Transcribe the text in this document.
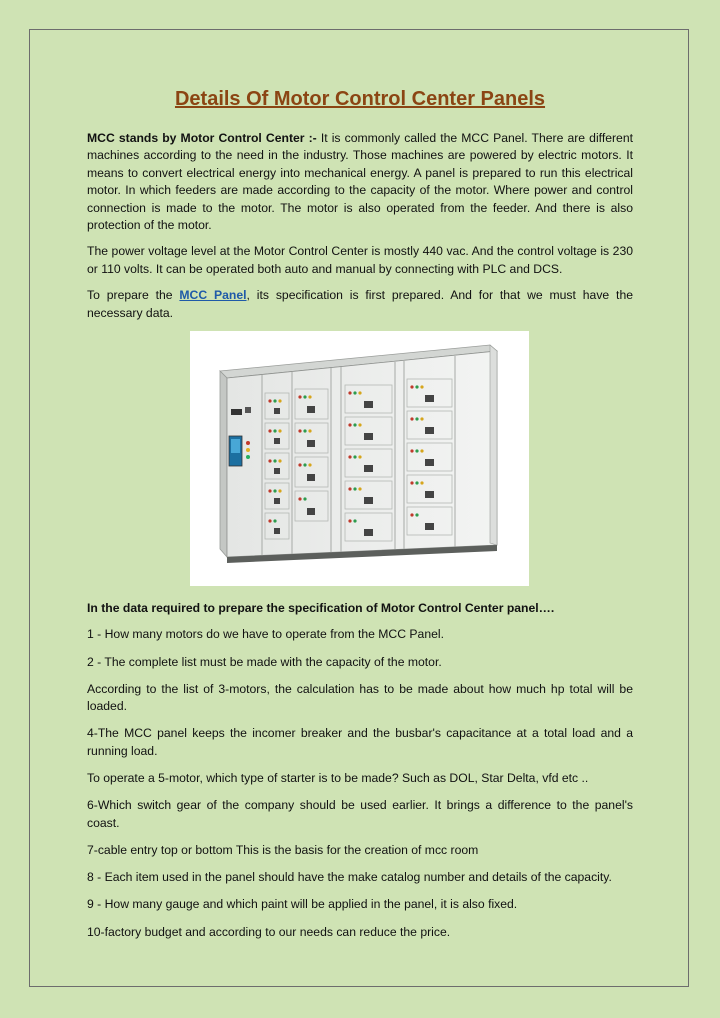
Details Of Motor Control Center Panels

MCC stands by Motor Control Center :- It is commonly called the MCC Panel. There are different machines according to the need in the industry. Those machines are powered by electric motors. It means to convert electrical energy into mechanical energy. A panel is prepared to run this electrical motor. In which feeders are made according to the capacity of the motor. Where power and control connection is made to the motor. The motor is also operated from the feeder. And there is also protection of the motor.

The power voltage level at the Motor Control Center is mostly 440 vac. And the control voltage is 230 or 110 volts. It can be operated both auto and manual by connecting with PLC and DCS.

To prepare the MCC Panel, its specification is first prepared. And for that we must have the necessary data.

In the data required to prepare the specification of Motor Control Center panel….

1 - How many motors do we have to operate from the MCC Panel.

2 - The complete list must be made with the capacity of the motor.

According to the list of 3-motors, the calculation has to be made about how much hp total will be loaded.

4-The MCC panel keeps the incomer breaker and the busbar's capacitance at a total load and a running load.

To operate a 5-motor, which type of starter is to be made? Such as DOL, Star Delta, vfd etc ..

6-Which switch gear of the company should be used earlier. It brings a difference to the panel's coast.

7-cable entry top or bottom This is the basis for the creation of mcc room

8 - Each item used in the panel should have the make catalog number and details of the capacity.

9 - How many gauge and which paint will be applied in the panel, it is also fixed.

10-factory budget and according to our needs can reduce the price.
